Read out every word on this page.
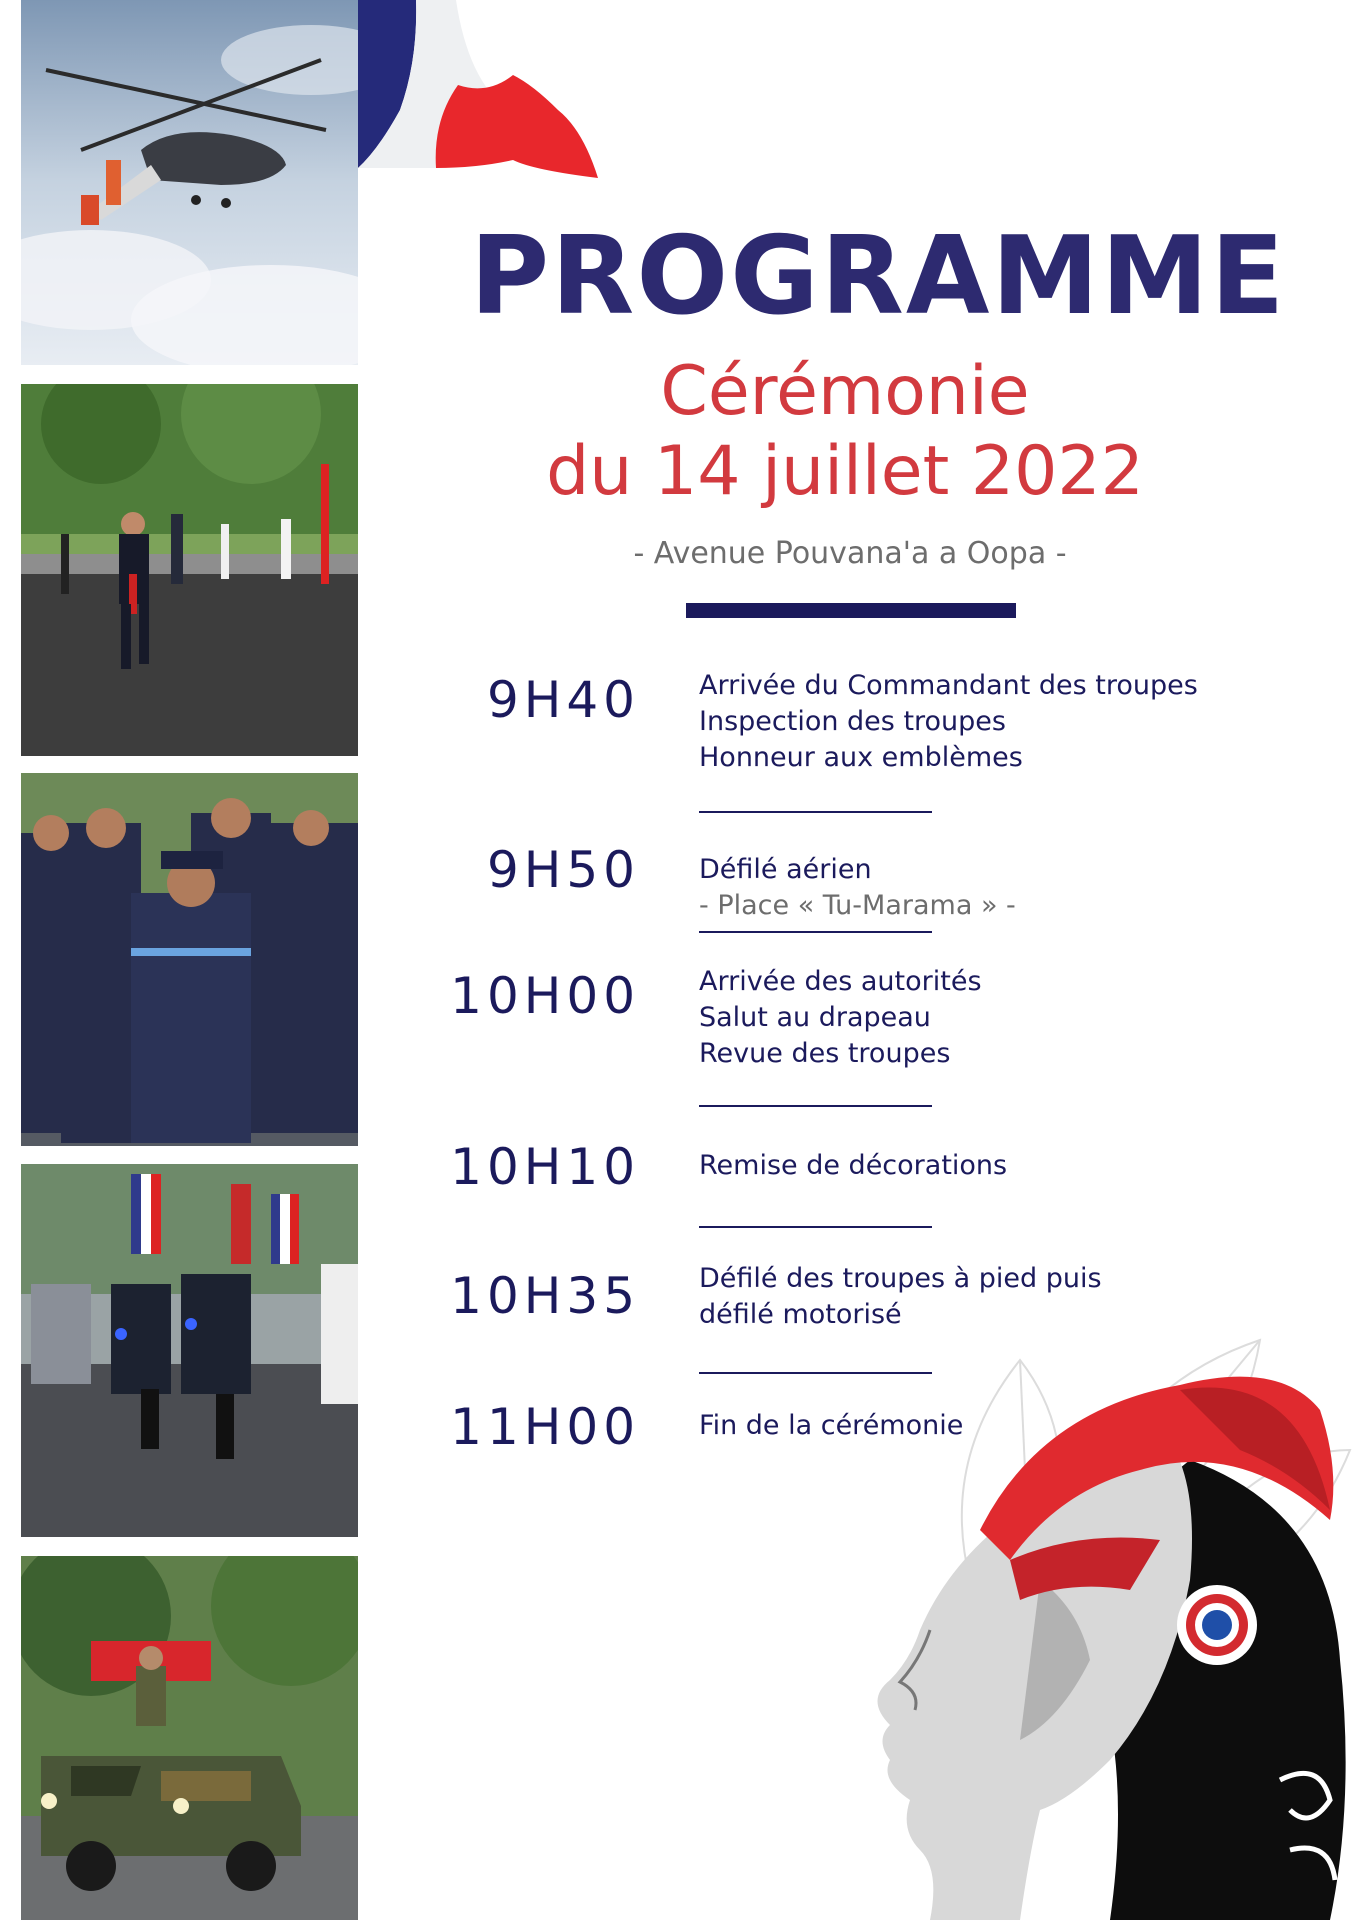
PROGRAMME
Cérémonie
du 14 juillet 2022
- Avenue Pouvana'a a Oopa -
9H40 Arrivée du Commandant des troupes
Inspection des troupes
Honneur aux emblèmes
9H50 Défilé aérien
- Place « Tu-Marama » -
10H00 Arrivée des autorités
Salut au drapeau
Revue des troupes
10H10 Remise de décorations
10H35 Défilé des troupes à pied puis
défilé motorisé
11H00 Fin de la cérémonie
